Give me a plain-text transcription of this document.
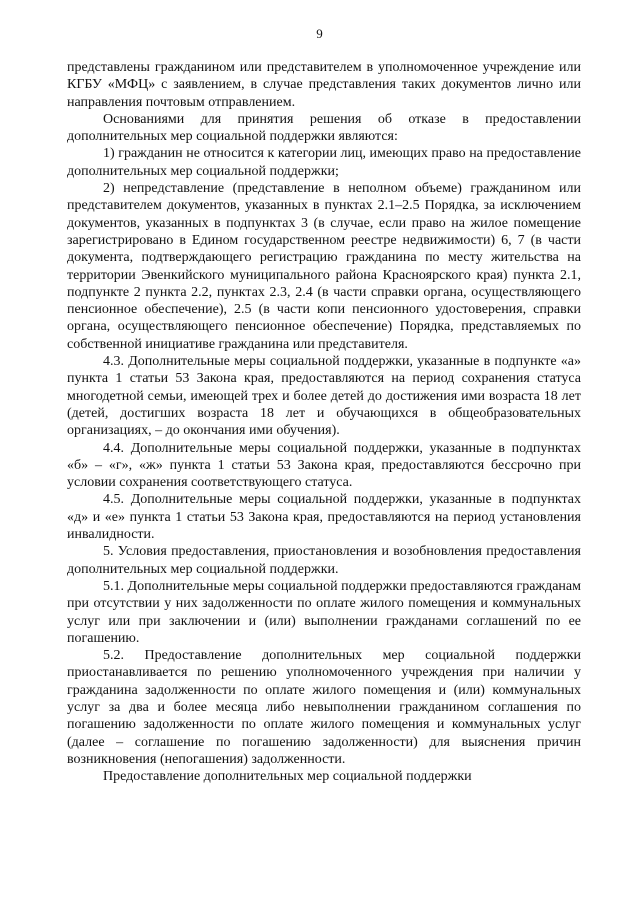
9

представлены гражданином или представителем в уполномоченное учреждение или КГБУ «МФЦ» с заявлением, в случае представления таких документов лично или направления почтовым отправлением.

Основаниями для принятия решения об отказе в предоставлении дополнительных мер социальной поддержки являются:

1) гражданин не относится к категории лиц, имеющих право на предоставление дополнительных мер социальной поддержки;

2) непредставление (представление в неполном объеме) гражданином или представителем документов, указанных в пунктах 2.1–2.5 Порядка, за исключением документов, указанных в подпунктах 3 (в случае, если право на жилое помещение зарегистрировано в Едином государственном реестре недвижимости) 6, 7 (в части документа, подтверждающего регистрацию гражданина по месту жительства на территории Эвенкийского муниципального района Красноярского края) пункта 2.1, подпункте 2 пункта 2.2, пунктах 2.3, 2.4 (в части справки органа, осуществляющего пенсионное обеспечение), 2.5 (в части копи пенсионного удостоверения, справки органа, осуществляющего пенсионное обеспечение) Порядка, представляемых по собственной инициативе гражданина или представителя.

4.3. Дополнительные меры социальной поддержки, указанные в подпункте «а» пункта 1 статьи 53 Закона края, предоставляются на период сохранения статуса многодетной семьи, имеющей трех и более детей до достижения ими возраста 18 лет (детей, достигших возраста 18 лет и обучающихся в общеобразовательных организациях, – до окончания ими обучения).

4.4. Дополнительные меры социальной поддержки, указанные в подпунктах «б» – «г», «ж» пункта 1 статьи 53 Закона края, предоставляются бессрочно при условии сохранения соответствующего статуса.

4.5. Дополнительные меры социальной поддержки, указанные в подпунктах «д» и «е» пункта 1 статьи 53 Закона края, предоставляются на период установления инвалидности.

5. Условия предоставления, приостановления и возобновления предоставления дополнительных мер социальной поддержки.

5.1. Дополнительные меры социальной поддержки предоставляются гражданам при отсутствии у них задолженности по оплате жилого помещения и коммунальных услуг или при заключении и (или) выполнении гражданами соглашений по ее погашению.

5.2. Предоставление дополнительных мер социальной поддержки приостанавливается по решению уполномоченного учреждения при наличии у гражданина задолженности по оплате жилого помещения и (или) коммунальных услуг за два и более месяца либо невыполнении гражданином соглашения по погашению задолженности по оплате жилого помещения и коммунальных услуг (далее – соглашение по погашению задолженности) для выяснения причин возникновения (непогашения) задолженности.

Предоставление дополнительных мер социальной поддержки
